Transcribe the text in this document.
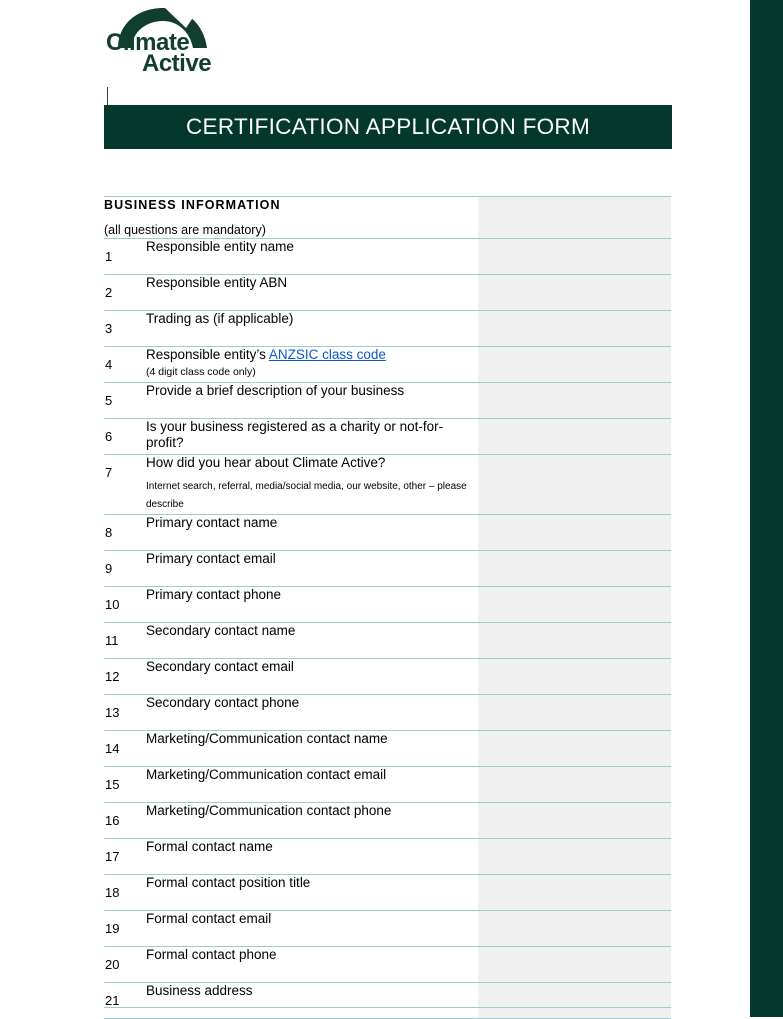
Climate
Active
CERTIFICATION APPLICATION FORM
BUSINESS INFORMATION
(all questions are mandatory)		

1	Responsible entity name	

2	Responsible entity ABN	

3	Trading as (if applicable)	

4	Responsible entity’s ANZSIC class code
(4 digit class code only)	

5	Provide a brief description of your business	

6	Is your business registered as a charity or not-for-profit?	

7	How did you hear about Climate Active?
Internet search, referral, media/social media, our website, other – please describe	

8	Primary contact name	

9	Primary contact email	

10	Primary contact phone	

11	Secondary contact name	

12	Secondary contact email	

13	Secondary contact phone	

14	Marketing/Communication contact name	

15	Marketing/Communication contact email	

16	Marketing/Communication contact phone	

17	Formal contact name	

18	Formal contact position title	

19	Formal contact email	

20	Formal contact phone	

21	Business address	
